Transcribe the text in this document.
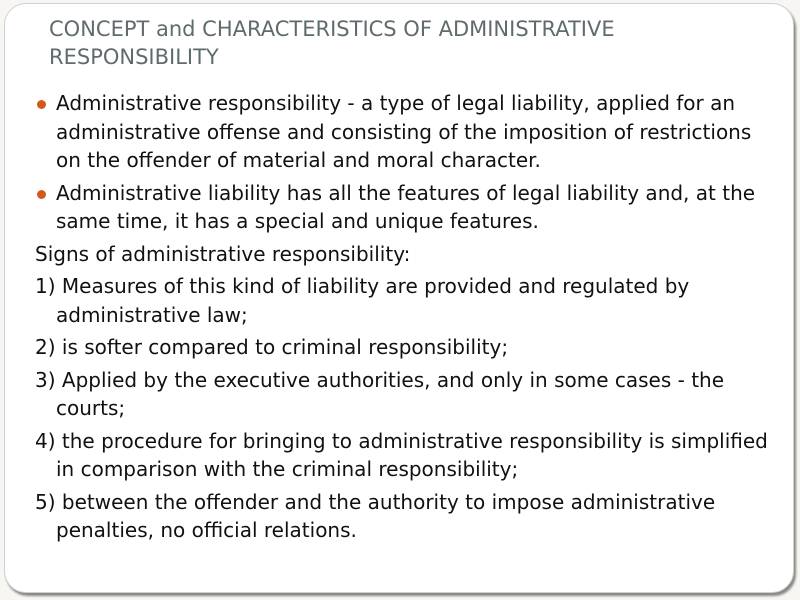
CONCEPT and CHARACTERISTICS OF ADMINISTRATIVE RESPONSIBILITY
Administrative responsibility - a type of legal liability, applied for an administrative offense and consisting of the imposition of restrictions on the offender of material and moral character.
Administrative liability has all the features of legal liability and, at the same time, it has a special and unique features.
Signs of administrative responsibility:
1) Measures of this kind of liability are provided and regulated by administrative law;
2) is softer compared to criminal responsibility;
3) Applied by the executive authorities, and only in some cases - the courts;
4) the procedure for bringing to administrative responsibility is simplified in comparison with the criminal responsibility;
5) between the offender and the authority to impose administrative penalties, no official relations.
